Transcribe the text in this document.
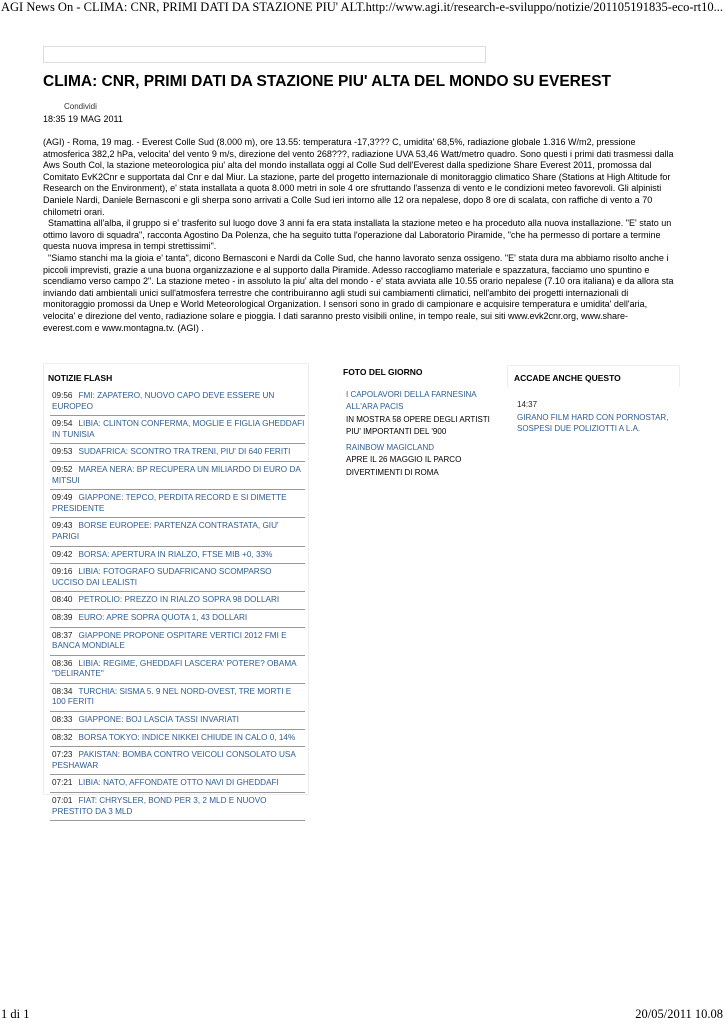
AGI News On - CLIMA: CNR, PRIMI DATI DA STAZIONE PIU' ALT...
http://www.agi.it/research-e-sviluppo/notizie/201105191835-eco-rt10...
CLIMA: CNR, PRIMI DATI DA STAZIONE PIU' ALTA DEL MONDO SU EVEREST
Condividi
18:35 19 MAG 2011

(AGI) - Roma, 19 mag. - Everest Colle Sud (8.000 m), ore 13.55: temperatura -17,3??? C, umidita' 68,5%, radiazione globale 1.316 W/m2, pressione atmosferica 382,2 hPa, velocita' del vento 9 m/s, direzione del vento 268???, radiazione UVA 53,46 Watt/metro quadro. Sono questi i primi dati trasmessi dalla Aws South Col, la stazione meteorologica piu' alta del mondo installata oggi al Colle Sud dell'Everest dalla spedizione Share Everest 2011, promossa dal Comitato EvK2Cnr e supportata dal Cnr e dal Miur. La stazione, parte del progetto internazionale di monitoraggio climatico Share (Stations at High Altitude for Research on the Environment), e' stata installata a quota 8.000 metri in sole 4 ore sfruttando l'assenza di vento e le condizioni meteo favorevoli. Gli alpinisti Daniele Nardi, Daniele Bernasconi e gli sherpa sono arrivati a Colle Sud ieri intorno alle 12 ora nepalese, dopo 8 ore di scalata, con raffiche di vento a 70 chilometri orari.

Stamattina all'alba, il gruppo si e' trasferito sul luogo dove 3 anni fa era stata installata la stazione meteo e ha proceduto alla nuova installazione. "E' stato un ottimo lavoro di squadra", racconta Agostino Da Polenza, che ha seguito tutta l'operazione dal Laboratorio Piramide, "che ha permesso di portare a termine questa nuova impresa in tempi strettissimi".

"Siamo stanchi ma la gioia e' tanta", dicono Bernasconi e Nardi da Colle Sud, che hanno lavorato senza ossigeno. "E' stata dura ma abbiamo risolto anche i piccoli imprevisti, grazie a una buona organizzazione e al supporto dalla Piramide. Adesso raccogliamo materiale e spazzatura, facciamo uno spuntino e scendiamo verso campo 2". La stazione meteo - in assoluto la piu' alta del mondo - e' stata avviata alle 10.55 orario nepalese (7.10 ora italiana) e da allora sta inviando dati ambientali unici sull'atmosfera terrestre che contribuiranno agli studi sui cambiamenti climatici, nell'ambito dei progetti internazionali di monitoraggio promossi da Unep e World Meteorological Organization. I sensori sono in grado di campionare e acquisire temperatura e umidita' dell'aria, velocita' e direzione del vento, radiazione solare e pioggia. I dati saranno presto visibili online, in tempo reale, sui siti www.evk2cnr.org, www.share-everest.com e www.montagna.tv. (AGI) .

NOTIZIE FLASH
09:56 FMI: ZAPATERO, NUOVO CAPO DEVE ESSERE UN EUROPEO
09:54 LIBIA: CLINTON CONFERMA, MOGLIE E FIGLIA GHEDDAFI IN TUNISIA
09:53 SUDAFRICA: SCONTRO TRA TRENI, PIU' DI 640 FERITI
09:52 MAREA NERA: BP RECUPERA UN MILIARDO DI EURO DA MITSUI
09:49 GIAPPONE: TEPCO, PERDITA RECORD E SI DIMETTE PRESIDENTE
09:43 BORSE EUROPEE: PARTENZA CONTRASTATA, GIU' PARIGI
09:42 BORSA: APERTURA IN RIALZO, FTSE MIB +0, 33%
09:16 LIBIA: FOTOGRAFO SUDAFRICANO SCOMPARSO UCCISO DAI LEALISTI
08:40 PETROLIO: PREZZO IN RIALZO SOPRA 98 DOLLARI
08:39 EURO: APRE SOPRA QUOTA 1, 43 DOLLARI
08:37 GIAPPONE PROPONE OSPITARE VERTICI 2012 FMI E BANCA MONDIALE
08:36 LIBIA: REGIME, GHEDDAFI LASCERA' POTERE? OBAMA "DELIRANTE"
08:34 TURCHIA: SISMA 5. 9 NEL NORD-OVEST, TRE MORTI E 100 FERITI
08:33 GIAPPONE: BOJ LASCIA TASSI INVARIATI
08:32 BORSA TOKYO: INDICE NIKKEI CHIUDE IN CALO 0, 14%
07:23 PAKISTAN: BOMBA CONTRO VEICOLI CONSOLATO USA PESHAWAR
07:21 LIBIA: NATO, AFFONDATE OTTO NAVI DI GHEDDAFI
07:01 FIAT: CHRYSLER, BOND PER 3, 2 MLD E NUOVO PRESTITO DA 3 MLD
FOTO DEL GIORNO
I CAPOLAVORI DELLA FARNESINA ALL'ARA PACIS
IN MOSTRA 58 OPERE DEGLI ARTISTI PIU' IMPORTANTI DEL '900
RAINBOW MAGICLAND
APRE IL 26 MAGGIO IL PARCO DIVERTIMENTI DI ROMA
ACCADE ANCHE QUESTO
14:37
GIRANO FILM HARD CON PORNOSTAR, SOSPESI DUE POLIZIOTTI A L.A.
1 di 1	20/05/2011 10.08
